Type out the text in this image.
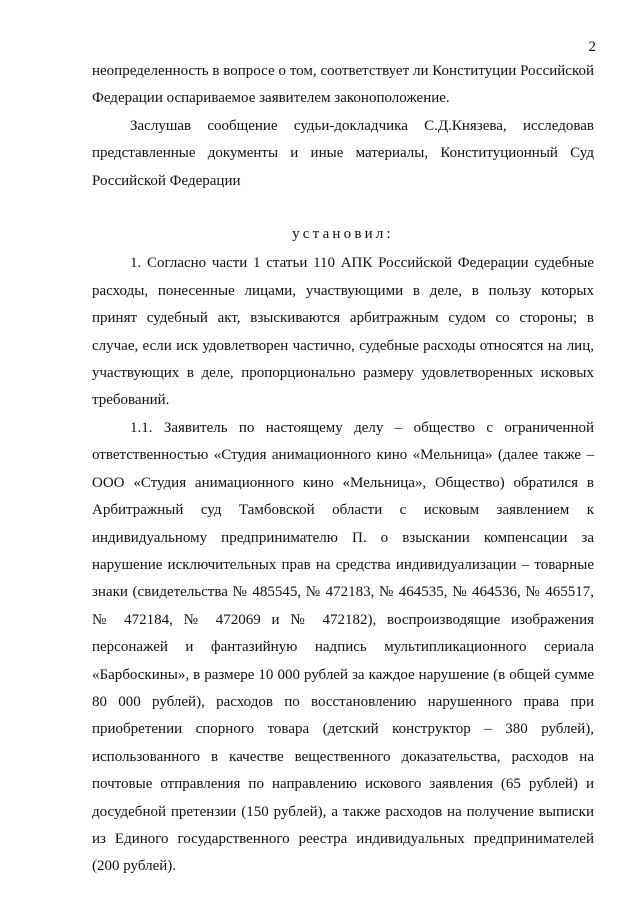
2

неопределенность в вопросе о том, соответствует ли Конституции Российской Федерации оспариваемое заявителем законоположение.

Заслушав сообщение судьи-докладчика С.Д.Князева, исследовав представленные документы и иные материалы, Конституционный Суд Российской Федерации

установил:

1. Согласно части 1 статьи 110 АПК Российской Федерации судебные расходы, понесенные лицами, участвующими в деле, в пользу которых принят судебный акт, взыскиваются арбитражным судом со стороны; в случае, если иск удовлетворен частично, судебные расходы относятся на лиц, участвующих в деле, пропорционально размеру удовлетворенных исковых требований.

1.1. Заявитель по настоящему делу – общество с ограниченной ответственностью «Студия анимационного кино «Мельница» (далее также – ООО «Студия анимационного кино «Мельница», Общество) обратился в Арбитражный суд Тамбовской области с исковым заявлением к индивидуальному предпринимателю П. о взыскании компенсации за нарушение исключительных прав на средства индивидуализации – товарные знаки (свидетельства № 485545, № 472183, № 464535, № 464536, № 465517, № 472184, № 472069 и № 472182), воспроизводящие изображения персонажей и фантазийную надпись мультипликационного сериала «Барбоскины», в размере 10 000 рублей за каждое нарушение (в общей сумме 80 000 рублей), расходов по восстановлению нарушенного права при приобретении спорного товара (детский конструктор – 380 рублей), использованного в качестве вещественного доказательства, расходов на почтовые отправления по направлению искового заявления (65 рублей) и досудебной претензии (150 рублей), а также расходов на получение выписки из Единого государственного реестра индивидуальных предпринимателей (200 рублей).
